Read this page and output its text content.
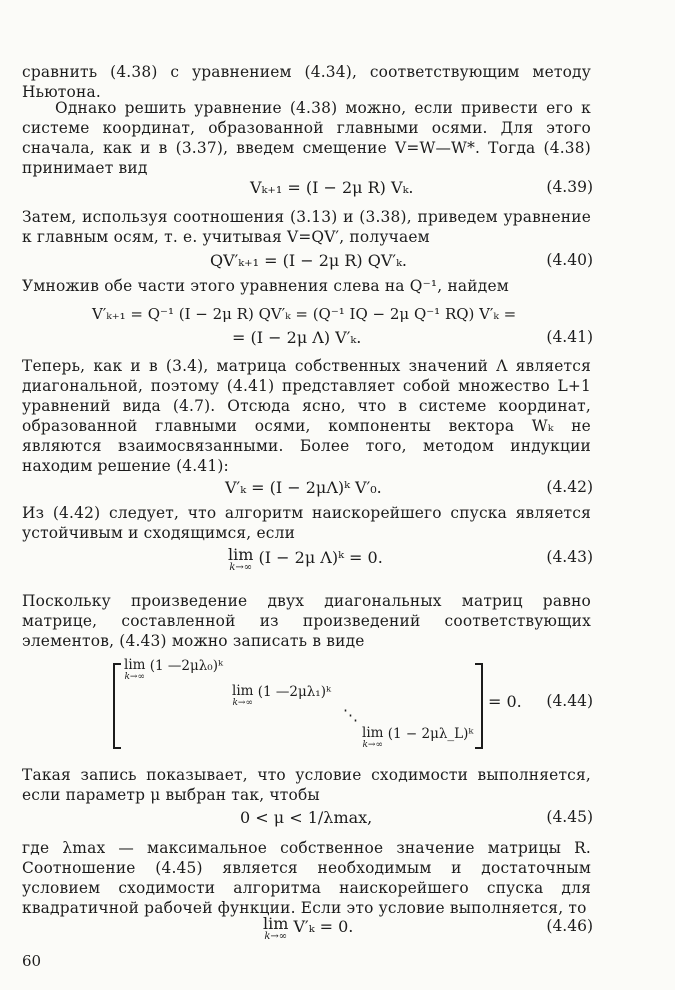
сравнить (4.38) с уравнением (4.34), соответствующим методу Ньютона.
Однако решить уравнение (4.38) можно, если привести его к системе координат, образованной главными осями. Для этого сначала, как и в (3.37), введем смещение V=W—W*. Тогда (4.38) принимает вид
Vₖ₊₁ = (I − 2μ R) Vₖ.	(4.39)
Затем, используя соотношения (3.13) и (3.38), приведем уравнение к главным осям, т. е. учитывая V=QV′, получаем
QV′ₖ₊₁ = (I − 2μ R) QV′ₖ.	(4.40)
Умножив обе части этого уравнения слева на Q⁻¹, найдем
V′ₖ₊₁ = Q⁻¹ (I − 2μ R) QV′ₖ = (Q⁻¹ IQ − 2μ Q⁻¹ RQ) V′ₖ =
= (I − 2μ Λ) V′ₖ.	(4.41)
Теперь, как и в (3.4), матрица собственных значений Λ является диагональной, поэтому (4.41) представляет собой множество L+1 уравнений вида (4.7). Отсюда ясно, что в системе координат, образованной главными осями, компоненты вектора Wₖ не являются взаимосвязанными. Более того, методом индукции находим решение (4.41):
V′ₖ = (I − 2μΛ)ᵏ V′₀.	(4.42)
Из (4.42) следует, что алгоритм наискорейшего спуска является устойчивым и сходящимся, если
lim
k→∞
(I − 2μ Λ)ᵏ = 0.	(4.43)
Поскольку произведение двух диагональных матриц равно матрице, составленной из произведений соответствующих элементов, (4.43) можно записать в виде
lim
k→∞
(1 —2μλ₀)ᵏ
lim
k→∞
(1 —2μλ₁)ᵏ
⋱
lim
k→∞
(1 − 2μλ_L)ᵏ
= 0. (4.44)
Такая запись показывает, что условие сходимости выполняется, если параметр μ выбран так, чтобы
0 < μ < 1/λmax,	(4.45)
где λmax — максимальное собственное значение матрицы R. Соотношение (4.45) является необходимым и достаточным условием сходимости алгоритма наискорейшего спуска для квадратичной рабочей функции. Если это условие выполняется, то
lim
k→∞
V′ₖ = 0.	(4.46)
60
